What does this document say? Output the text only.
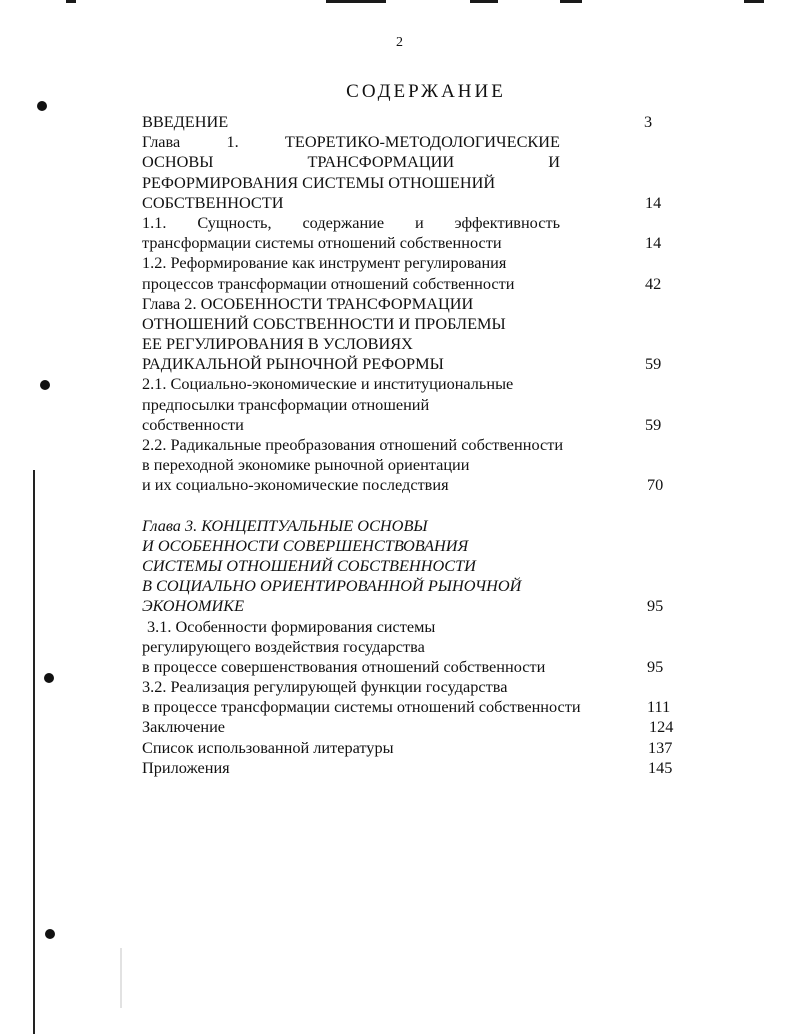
2
СОДЕРЖАНИЕ
ВВЕДЕНИЕ	3
Глава 1. ТЕОРЕТИКО-МЕТОДОЛОГИЧЕСКИЕ
ОСНОВЫ ТРАНСФОРМАЦИИ И
РЕФОРМИРОВАНИЯ СИСТЕМЫ ОТНОШЕНИЙ
СОБСТВЕННОСТИ	14
1.1. Сущность, содержание и эффективность
трансформации системы отношений собственности	14
1.2. Реформирование как инструмент регулирования
процессов трансформации отношений собственности	42
Глава 2. ОСОБЕННОСТИ ТРАНСФОРМАЦИИ
ОТНОШЕНИЙ СОБСТВЕННОСТИ И ПРОБЛЕМЫ
ЕЕ РЕГУЛИРОВАНИЯ В УСЛОВИЯХ
РАДИКАЛЬНОЙ РЫНОЧНОЙ РЕФОРМЫ	59
2.1. Социально-экономические и институциональные
предпосылки трансформации отношений
собственности	59
2.2. Радикальные преобразования отношений собственности
в переходной экономике рыночной ориентации
и их социально-экономические последствия	70
Глава 3. КОНЦЕПТУАЛЬНЫЕ ОСНОВЫ
И ОСОБЕННОСТИ СОВЕРШЕНСТВОВАНИЯ
СИСТЕМЫ ОТНОШЕНИЙ СОБСТВЕННОСТИ
В СОЦИАЛЬНО ОРИЕНТИРОВАННОЙ РЫНОЧНОЙ
ЭКОНОМИКЕ	95
3.1. Особенности формирования системы
регулирующего воздействия государства
в процессе совершенствования отношений собственности	95
3.2. Реализация регулирующей функции государства
в процессе трансформации системы отношений собственности	111
Заключение	124
Список использованной литературы	137
Приложения	145
